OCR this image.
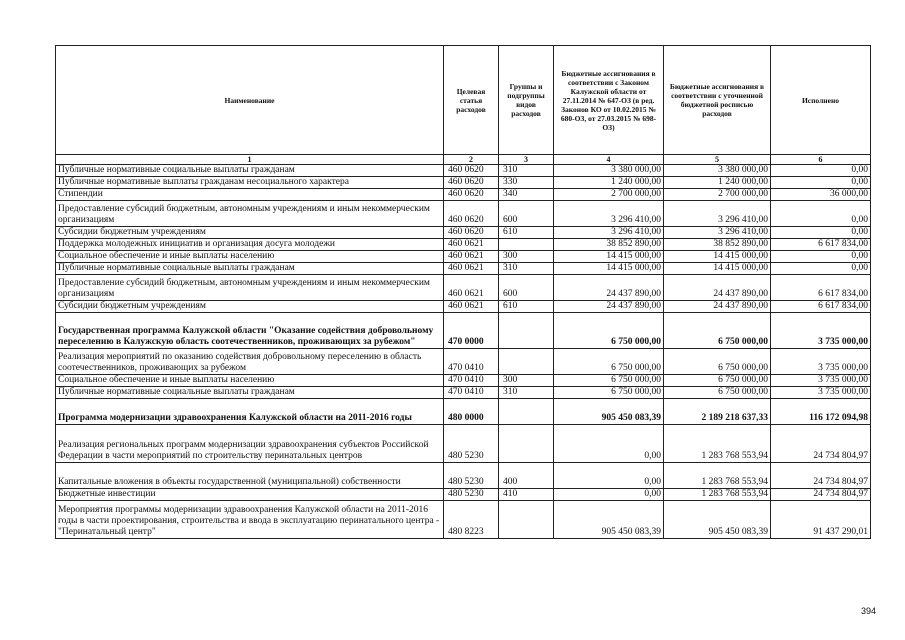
Наименование	Целевая статья расходов	Группы и подгруппы видов расходов	Бюджетные ассигнования в соответствии с Законом Калужской области от 27.11.2014 № 647-ОЗ (в ред. Законов КО от 10.02.2015 № 680-ОЗ, от 27.03.2015 № 698-ОЗ)	Бюджетные ассигнования в соответствии с уточненной бюджетной росписью расходов	Исполнено
1	2	3	4	5	6
Публичные нормативные социальные выплаты гражданам	460 0620	310	3 380 000,00	3 380 000,00	0,00
Публичные нормативные выплаты гражданам несоциального характера	460 0620	330	1 240 000,00	1 240 000,00	0,00
Стипендии	460 0620	340	2 700 000,00	2 700 000,00	36 000,00
Предоставление субсидий бюджетным, автономным учреждениям и иным некоммерческим организациям	460 0620	600	3 296 410,00	3 296 410,00	0,00
Субсидии бюджетным учреждениям	460 0620	610	3 296 410,00	3 296 410,00	0,00
Поддержка молодежных инициатив и организация досуга молодежи	460 0621		38 852 890,00	38 852 890,00	6 617 834,00
Социальное обеспечение и иные выплаты населению	460 0621	300	14 415 000,00	14 415 000,00	0,00
Публичные нормативные социальные выплаты гражданам	460 0621	310	14 415 000,00	14 415 000,00	0,00
Предоставление субсидий бюджетным, автономным учреждениям и иным некоммерческим организациям	460 0621	600	24 437 890,00	24 437 890,00	6 617 834,00
Субсидии бюджетным учреждениям	460 0621	610	24 437 890,00	24 437 890,00	6 617 834,00
Государственная программа Калужской области "Оказание содействия добровольному переселению в Калужскую область соотечественников, проживающих за рубежом"	470 0000		6 750 000,00	6 750 000,00	3 735 000,00
Реализация мероприятий по оказанию содействия добровольному переселению в область соотечественников, проживающих за рубежом	470 0410		6 750 000,00	6 750 000,00	3 735 000,00
Социальное обеспечение и иные выплаты населению	470 0410	300	6 750 000,00	6 750 000,00	3 735 000,00
Публичные нормативные социальные выплаты гражданам	470 0410	310	6 750 000,00	6 750 000,00	3 735 000,00
Программа модернизации здравоохранения Калужской области на 2011-2016 годы	480 0000		905 450 083,39	2 189 218 637,33	116 172 094,98
Реализация региональных программ модернизации здравоохранения субъектов Российской Федерации в части мероприятий по строительству перинатальных центров	480 5230		0,00	1 283 768 553,94	24 734 804,97
Капитальные вложения в объекты государственной (муниципальной) собственности	480 5230	400	0,00	1 283 768 553,94	24 734 804,97
Бюджетные инвестиции	480 5230	410	0,00	1 283 768 553,94	24 734 804,97
Мероприятия программы модернизации здравоохранения Калужской области на 2011-2016 годы в части проектирования, строительства и ввода в эксплуатацию перинатального центра - "Перинатальный центр"	480 8223		905 450 083,39	905 450 083,39	91 437 290,01
394
